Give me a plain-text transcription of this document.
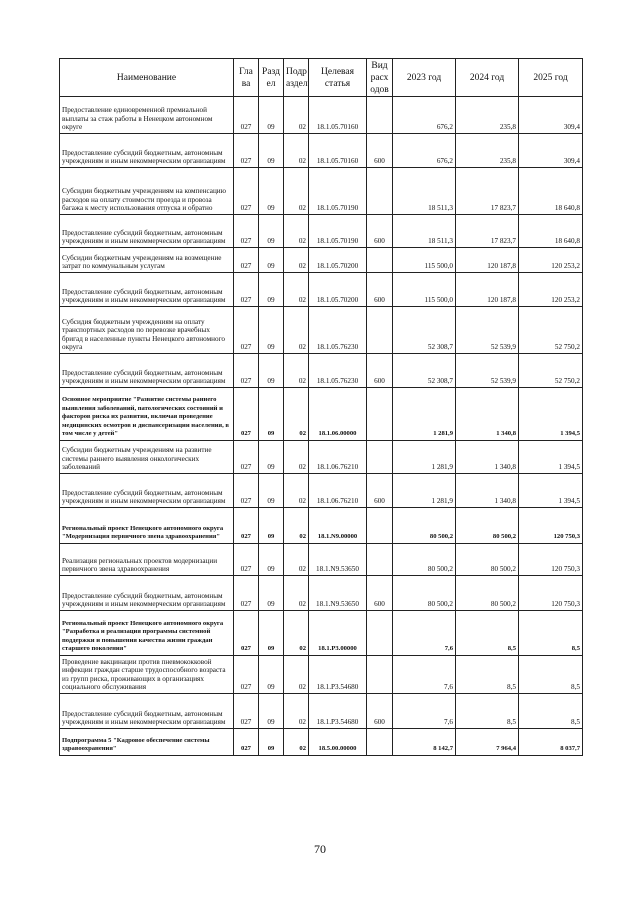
Наименование	Гла ва	Разд ел	Подр аздел	Целевая статья	Вид расх одов	2023 год	2024 год	2025 год
Предоставление единовременной премиальной выплаты за стаж работы в Ненецком автономном округе	027	09	02	18.1.05.70160		676,2	235,8	309,4
Предоставление субсидий бюджетным, автономным учреждениям и иным некоммерческим организациям	027	09	02	18.1.05.70160	600	676,2	235,8	309,4
Субсидии бюджетным учреждениям на компенсацию расходов на оплату стоимости проезда и провоза багажа к месту использования отпуска и обратно	027	09	02	18.1.05.70190		18 511,3	17 823,7	18 640,8
Предоставление субсидий бюджетным, автономным учреждениям и иным некоммерческим организациям	027	09	02	18.1.05.70190	600	18 511,3	17 823,7	18 640,8
Субсидии бюджетным учреждениям на возмещение затрат по коммунальным услугам	027	09	02	18.1.05.70200		115 500,0	120 187,8	120 253,2
Предоставление субсидий бюджетным, автономным учреждениям и иным некоммерческим организациям	027	09	02	18.1.05.70200	600	115 500,0	120 187,8	120 253,2
Субсидия бюджетным учреждениям на оплату транспортных расходов по перевозке врачебных бригад в населенные пункты Ненецкого автономного округа	027	09	02	18.1.05.76230		52 308,7	52 539,9	52 750,2
Предоставление субсидий бюджетным, автономным учреждениям и иным некоммерческим организациям	027	09	02	18.1.05.76230	600	52 308,7	52 539,9	52 750,2
Основное мероприятие "Развитие системы раннего выявления заболеваний, патологических состояний и факторов риска их развития, включая проведение медицинских осмотров и диспансеризации населения, в том числе у детей"	027	09	02	18.1.06.00000		1 281,9	1 340,8	1 394,5
Субсидии бюджетным учреждениям на развитие системы раннего выявления онкологических заболеваний	027	09	02	18.1.06.76210		1 281,9	1 340,8	1 394,5
Предоставление субсидий бюджетным, автономным учреждениям и иным некоммерческим организациям	027	09	02	18.1.06.76210	600	1 281,9	1 340,8	1 394,5
Региональный проект Ненецкого автономного округа "Модернизация первичного звена здравоохранения"	027	09	02	18.1.N9.00000		80 500,2	80 500,2	120 750,3
Реализация региональных проектов модернизации первичного звена здравоохранения	027	09	02	18.1.N9.53650		80 500,2	80 500,2	120 750,3
Предоставление субсидий бюджетным, автономным учреждениям и иным некоммерческим организациям	027	09	02	18.1.N9.53650	600	80 500,2	80 500,2	120 750,3
Региональный проект Ненецкого автономного округа "Разработка и реализация программы системной поддержки и повышения качества жизни граждан старшего поколения"	027	09	02	18.1.P3.00000		7,6	8,5	8,5
Проведение вакцинации против пневмококковой инфекции граждан старше трудоспособного возраста из групп риска, проживающих в организациях социального обслуживания	027	09	02	18.1.P3.54680		7,6	8,5	8,5
Предоставление субсидий бюджетным, автономным учреждениям и иным некоммерческим организациям	027	09	02	18.1.P3.54680	600	7,6	8,5	8,5
Подпрограмма 5 "Кадровое обеспечение системы здравоохранения"	027	09	02	18.5.00.00000		8 142,7	7 964,4	8 037,7
70
